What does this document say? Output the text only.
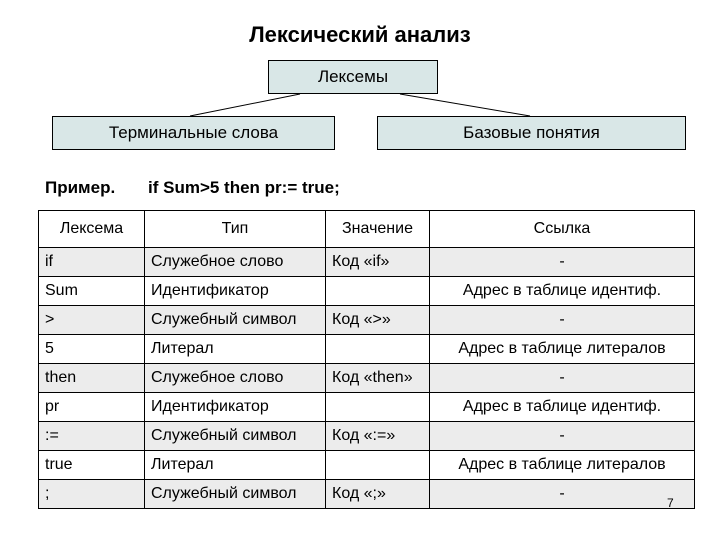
Лексический анализ
Лексемы
Терминальные слова	Базовые понятия
Пример. if Sum>5 then pr:= true;
Лексема	Тип	Значение	Ссылка
if	Служебное слово	Код «if»	-
Sum	Идентификатор		Адрес в таблице идентиф.
>	Служебный символ	Код «>»	-
5	Литерал		Адрес в таблице литералов
then	Служебное слово	Код «then»	-
pr	Идентификатор		Адрес в таблице идентиф.
:=	Служебный символ	Код «:=»	-
true	Литерал		Адрес в таблице литералов
;	Служебный символ	Код «;»	-
7
